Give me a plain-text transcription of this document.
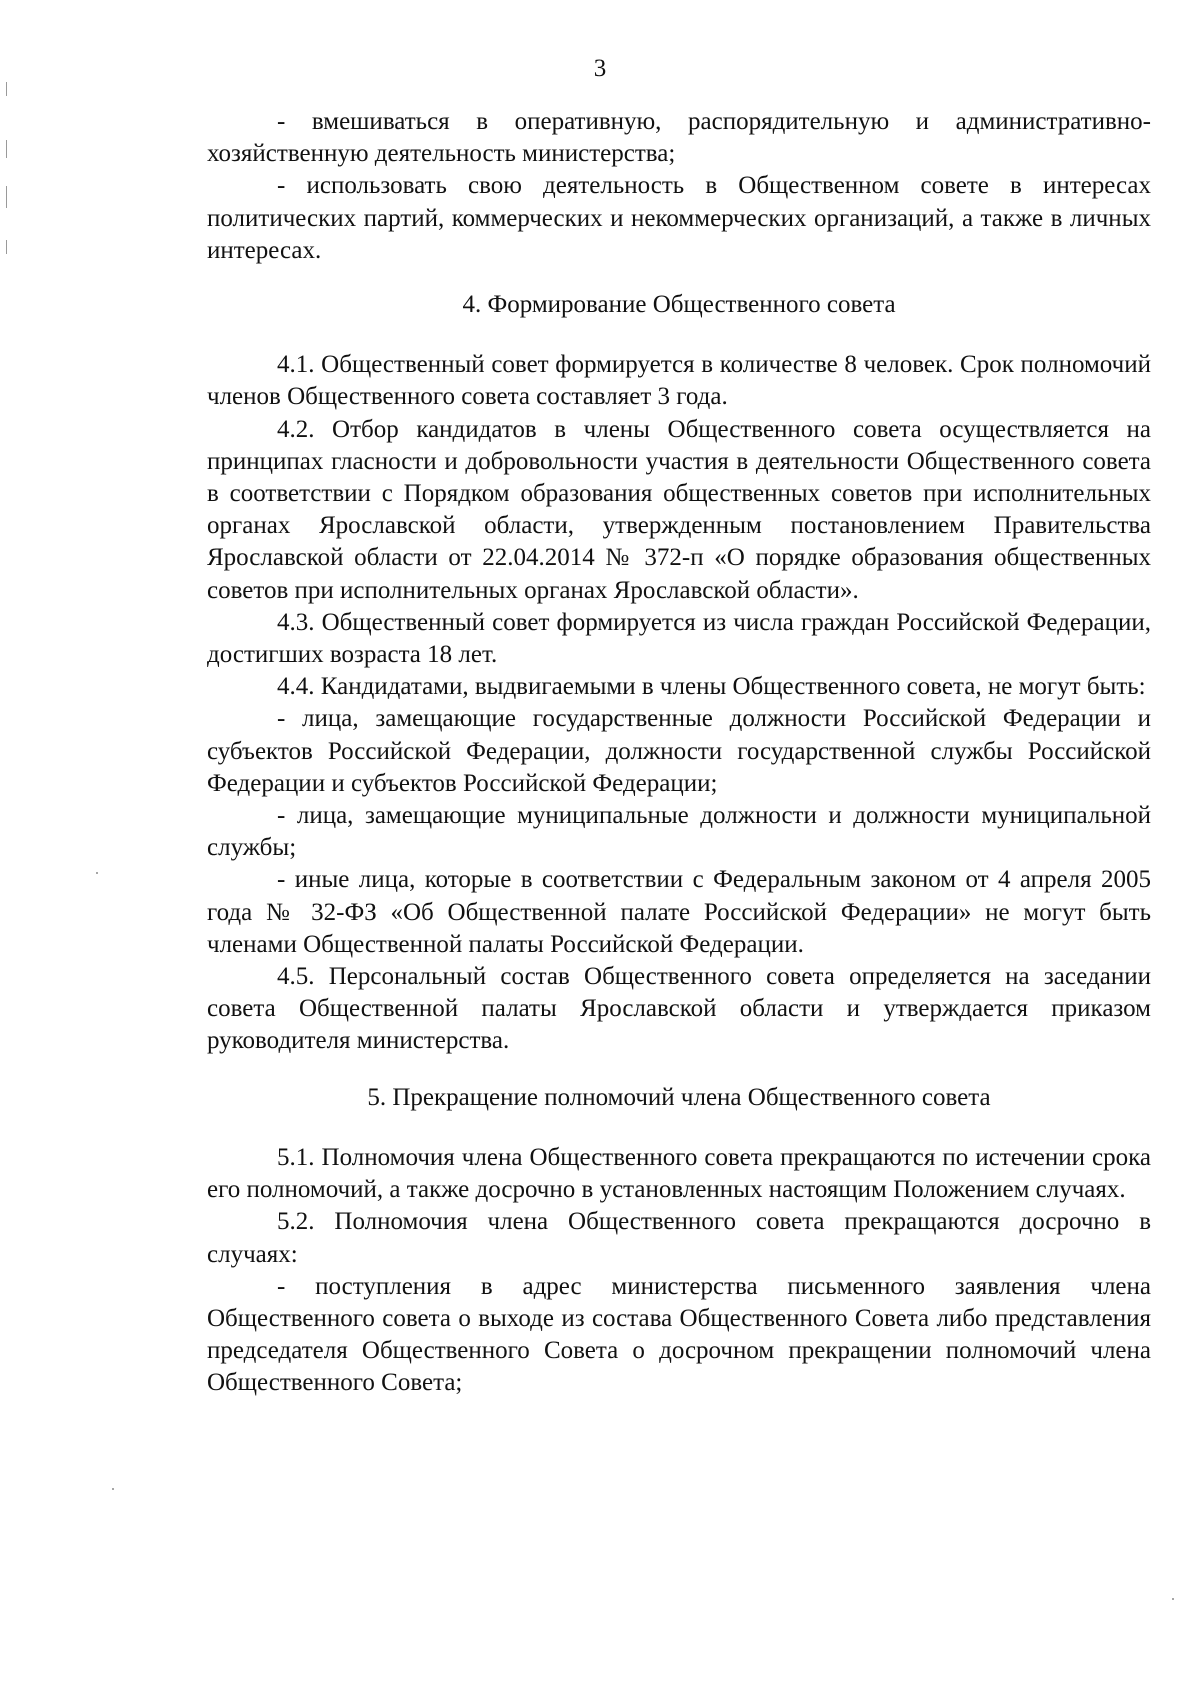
3

- вмешиваться в оперативную, распорядительную и административно-хозяйственную деятельность министерства;

- использовать свою деятельность в Общественном совете в интересах политических партий, коммерческих и некоммерческих организаций, а также в личных интересах.

4. Формирование Общественного совета

4.1. Общественный совет формируется в количестве 8 человек. Срок полномочий членов Общественного совета составляет 3 года.

4.2. Отбор кандидатов в члены Общественного совета осуществляется на принципах гласности и добровольности участия в деятельности Общественного совета в соответствии с Порядком образования общественных советов при исполнительных органах Ярославской области, утвержденным постановлением Правительства Ярославской области от 22.04.2014 № 372-п «О порядке образования общественных советов при исполнительных органах Ярославской области».

4.3. Общественный совет формируется из числа граждан Российской Федерации, достигших возраста 18 лет.

4.4. Кандидатами, выдвигаемыми в члены Общественного совета, не могут быть:

- лица, замещающие государственные должности Российской Федерации и субъектов Российской Федерации, должности государственной службы Российской Федерации и субъектов Российской Федерации;

- лица, замещающие муниципальные должности и должности муниципальной службы;

- иные лица, которые в соответствии с Федеральным законом от 4 апреля 2005 года № 32-ФЗ «Об Общественной палате Российской Федерации» не могут быть членами Общественной палаты Российской Федерации.

4.5. Персональный состав Общественного совета определяется на заседании совета Общественной палаты Ярославской области и утверждается приказом руководителя министерства.

5. Прекращение полномочий члена Общественного совета

5.1. Полномочия члена Общественного совета прекращаются по истечении срока его полномочий, а также досрочно в установленных настоящим Положением случаях.

5.2. Полномочия члена Общественного совета прекращаются досрочно в случаях:

- поступления в адрес министерства письменного заявления члена Общественного совета о выходе из состава Общественного Совета либо представления председателя Общественного Совета о досрочном прекращении полномочий члена Общественного Совета;
